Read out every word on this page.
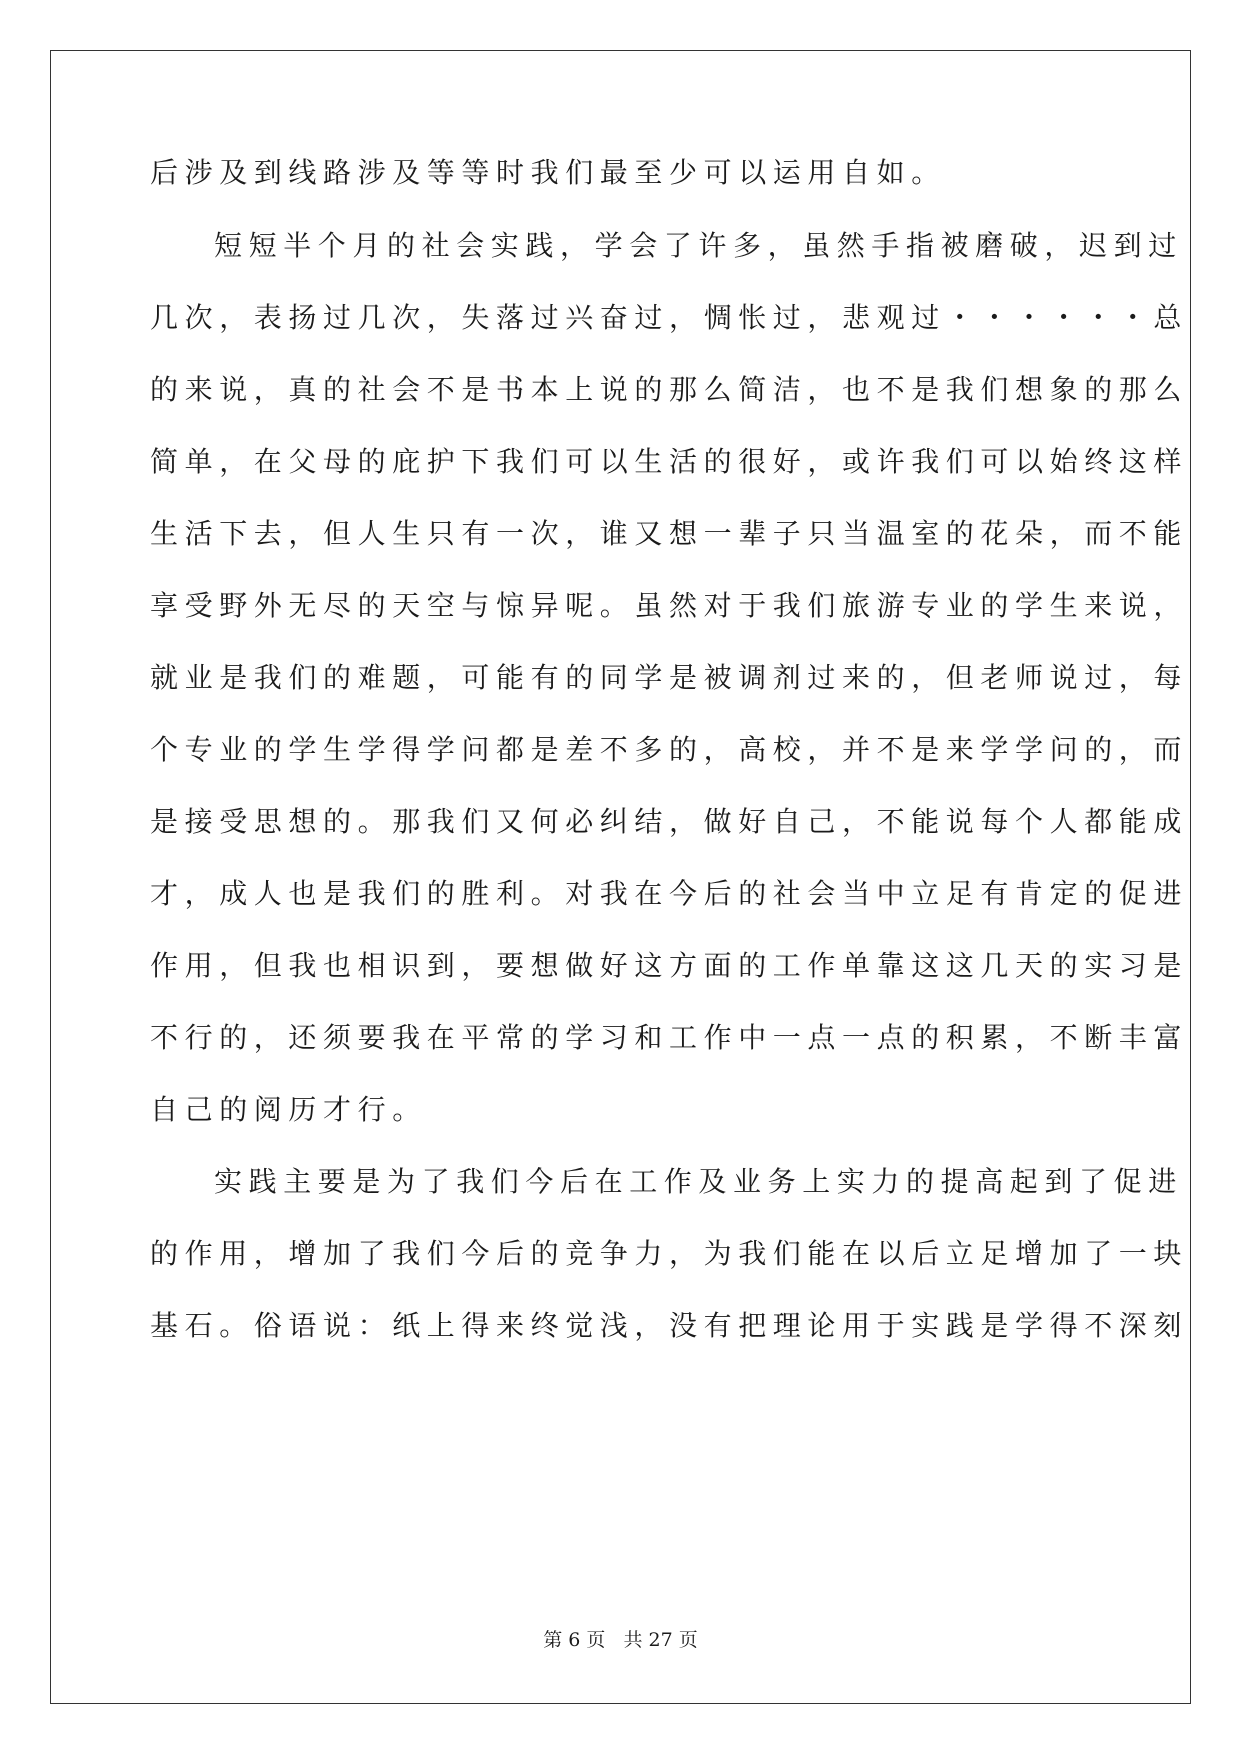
后涉及到线路涉及等等时我们最至少可以运用自如。
短短半个月的社会实践，学会了许多，虽然手指被磨破，迟到过
几次，表扬过几次，失落过兴奋过，惆怅过，悲观过・・・・・・总
的来说，真的社会不是书本上说的那么简洁，也不是我们想象的那么
简单，在父母的庇护下我们可以生活的很好，或许我们可以始终这样
生活下去，但人生只有一次，谁又想一辈子只当温室的花朵，而不能
享受野外无尽的天空与惊异呢。虽然对于我们旅游专业的学生来说，
就业是我们的难题，可能有的同学是被调剂过来的，但老师说过，每
个专业的学生学得学问都是差不多的，高校，并不是来学学问的，而
是接受思想的。那我们又何必纠结，做好自己，不能说每个人都能成
才，成人也是我们的胜利。对我在今后的社会当中立足有肯定的促进
作用，但我也相识到，要想做好这方面的工作单靠这这几天的实习是
不行的，还须要我在平常的学习和工作中一点一点的积累，不断丰富
自己的阅历才行。
实践主要是为了我们今后在工作及业务上实力的提高起到了促进
的作用，增加了我们今后的竞争力，为我们能在以后立足增加了一块
基石。俗语说：纸上得来终觉浅，没有把理论用于实践是学得不深刻
第 6 页 共 27 页
